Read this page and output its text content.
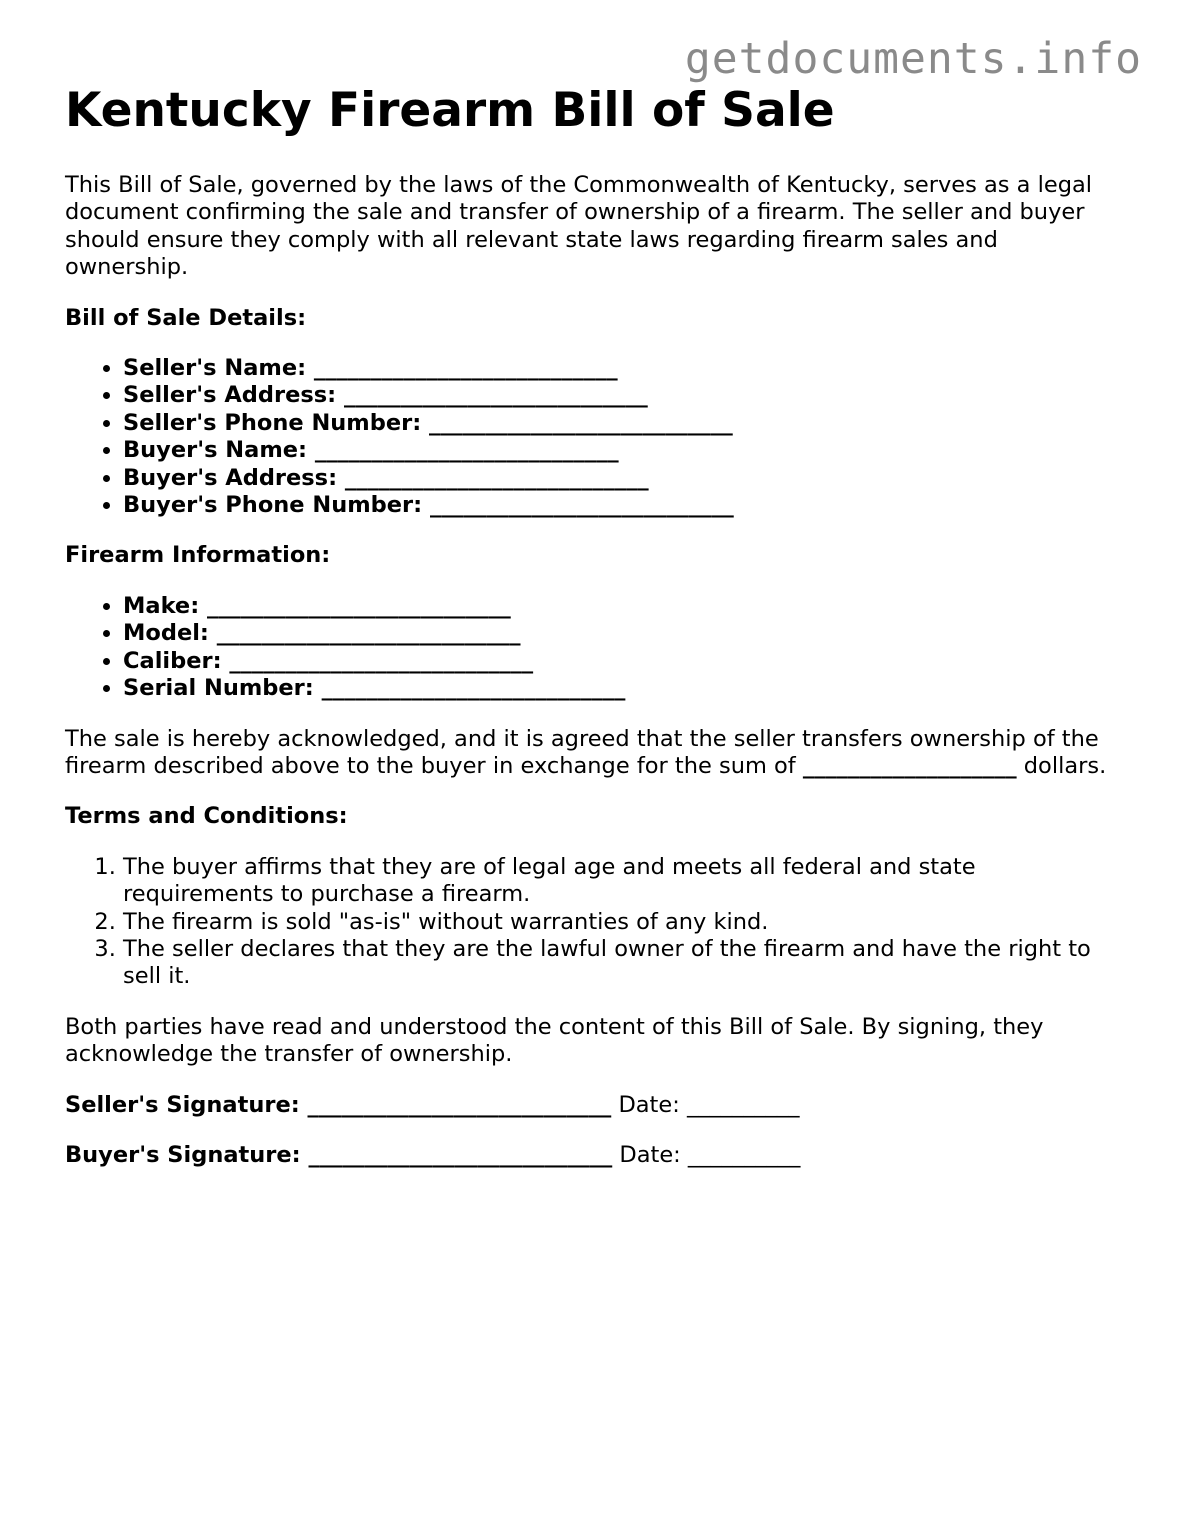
getdocuments.info
Kentucky Firearm Bill of Sale

This Bill of Sale, governed by the laws of the Commonwealth of Kentucky, serves as a legal document confirming the sale and transfer of ownership of a firearm. The seller and buyer should ensure they comply with all relevant state laws regarding firearm sales and ownership.

Bill of Sale Details:

• Seller's Name: ___________________________
• Seller's Address: ___________________________
• Seller's Phone Number: ___________________________
• Buyer's Name: ___________________________
• Buyer's Address: ___________________________
• Buyer's Phone Number: ___________________________

Firearm Information:

• Make: ___________________________
• Model: ___________________________
• Caliber: ___________________________
• Serial Number: ___________________________

The sale is hereby acknowledged, and it is agreed that the seller transfers ownership of the firearm described above to the buyer in exchange for the sum of ___________________ dollars.

Terms and Conditions:

1. The buyer affirms that they are of legal age and meets all federal and state requirements to purchase a firearm.
2. The firearm is sold "as-is" without warranties of any kind.
3. The seller declares that they are the lawful owner of the firearm and have the right to sell it.

Both parties have read and understood the content of this Bill of Sale. By signing, they acknowledge the transfer of ownership.

Seller's Signature: ___________________________ Date: __________

Buyer's Signature: ___________________________ Date: __________
